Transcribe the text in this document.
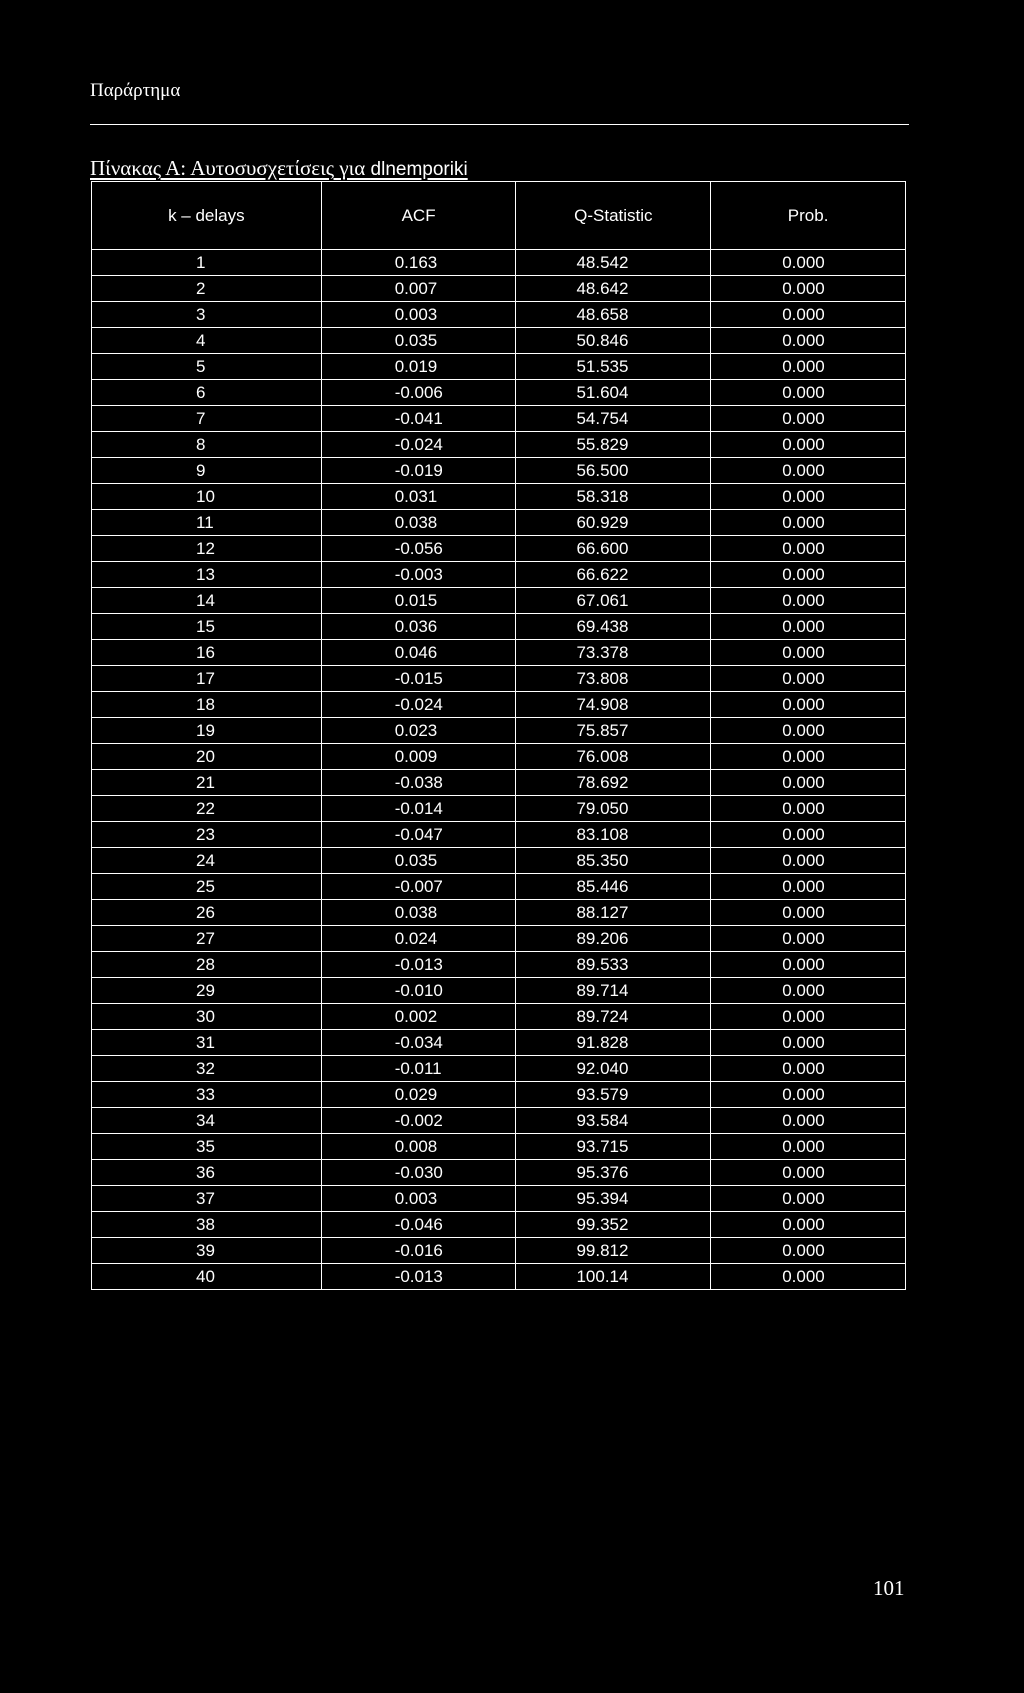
Παράρτημα
Πίνακας Α: Αυτοσυσχετίσεις για dlnemporiki
k – delays	ACF	Q-Statistic	Prob.
1	0.163	48.542	0.000
2	0.007	48.642	0.000
3	0.003	48.658	0.000
4	0.035	50.846	0.000
5	0.019	51.535	0.000
6	-0.006	51.604	0.000
7	-0.041	54.754	0.000
8	-0.024	55.829	0.000
9	-0.019	56.500	0.000
10	0.031	58.318	0.000
11	0.038	60.929	0.000
12	-0.056	66.600	0.000
13	-0.003	66.622	0.000
14	0.015	67.061	0.000
15	0.036	69.438	0.000
16	0.046	73.378	0.000
17	-0.015	73.808	0.000
18	-0.024	74.908	0.000
19	0.023	75.857	0.000
20	0.009	76.008	0.000
21	-0.038	78.692	0.000
22	-0.014	79.050	0.000
23	-0.047	83.108	0.000
24	0.035	85.350	0.000
25	-0.007	85.446	0.000
26	0.038	88.127	0.000
27	0.024	89.206	0.000
28	-0.013	89.533	0.000
29	-0.010	89.714	0.000
30	0.002	89.724	0.000
31	-0.034	91.828	0.000
32	-0.011	92.040	0.000
33	0.029	93.579	0.000
34	-0.002	93.584	0.000
35	0.008	93.715	0.000
36	-0.030	95.376	0.000
37	0.003	95.394	0.000
38	-0.046	99.352	0.000
39	-0.016	99.812	0.000
40	-0.013	100.14	0.000
101
